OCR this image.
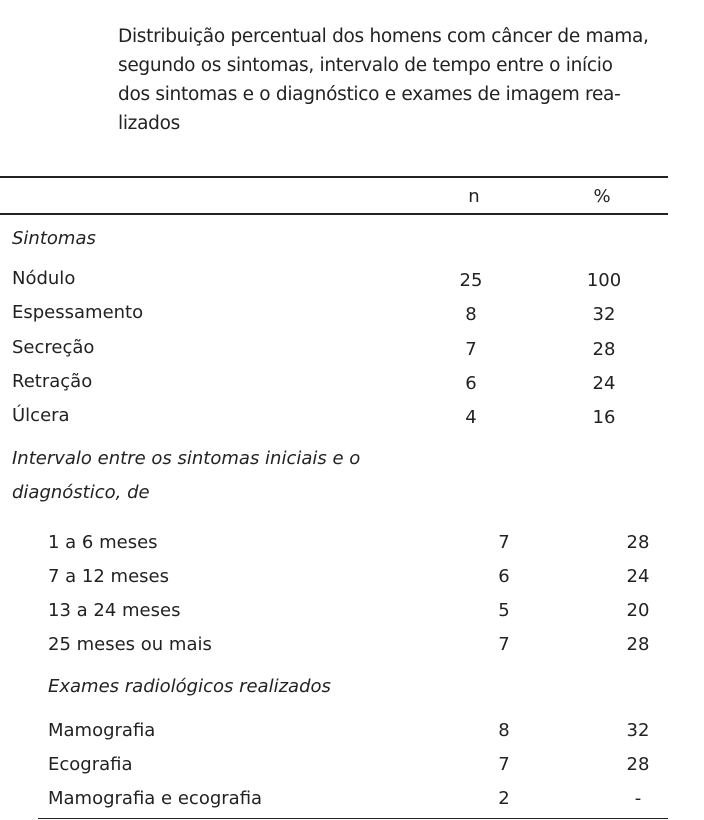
Distribuição percentual dos homens com câncer de mama,
segundo os sintomas, intervalo de tempo entre o início
dos sintomas e o diagnóstico e exames de imagem rea-
lizados
n	%
Sintomas
Nódulo	25	100
Espessamento	8	32
Secreção	7	28
Retração	6	24
Úlcera	4	16
Intervalo entre os sintomas iniciais e o
diagnóstico, de
1 a 6 meses	7	28
7 a 12 meses	6	24
13 a 24 meses	5	20
25 meses ou mais	7	28
Exames radiológicos realizados
Mamografia	8	32
Ecografia	7	28
Mamografia e ecografia	2	-
